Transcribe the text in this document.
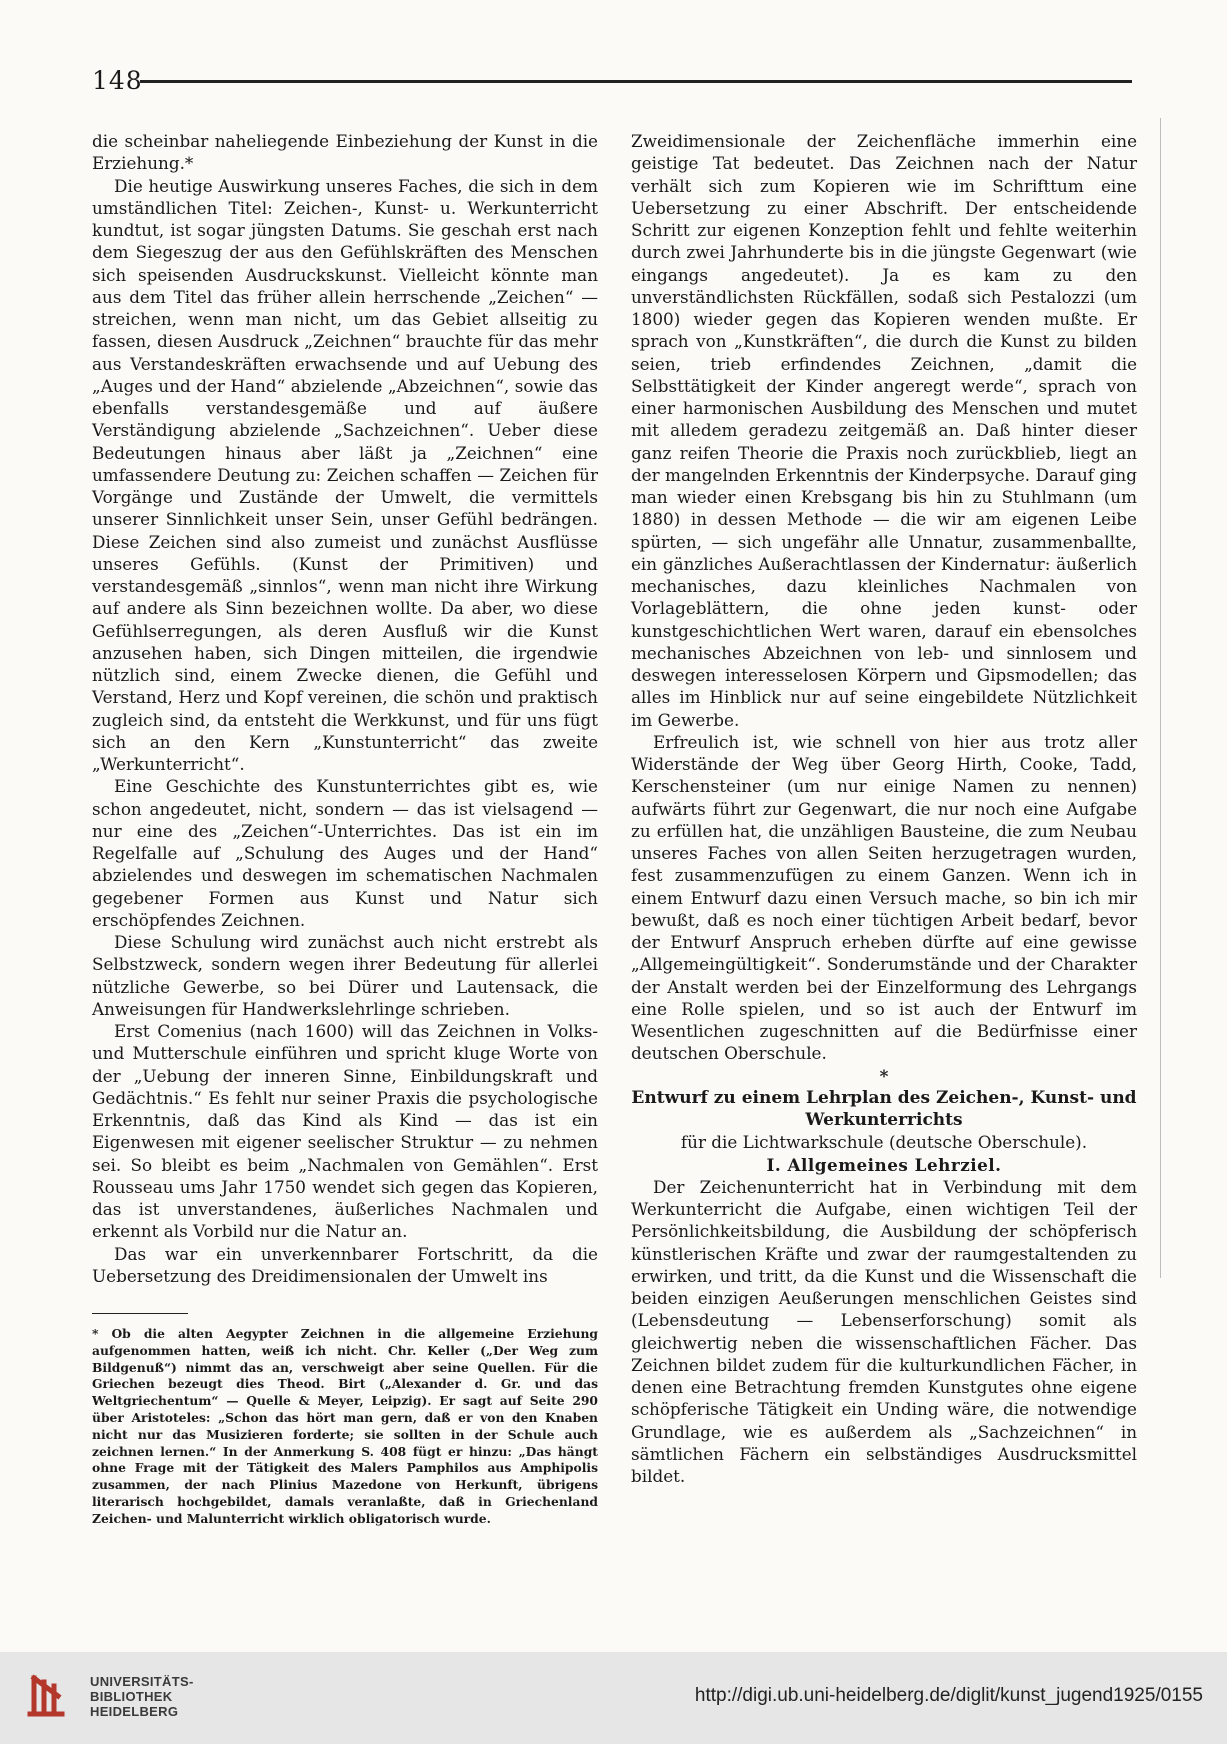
148

die scheinbar naheliegende Einbeziehung der Kunst in die Erziehung.*

Die heutige Auswirkung unseres Faches, die sich in dem umständlichen Titel: Zeichen-, Kunst- u. Werkunterricht kundtut, ist sogar jüngsten Datums. Sie geschah erst nach dem Siegeszug der aus den Gefühlskräften des Menschen sich speisenden Ausdruckskunst. Vielleicht könnte man aus dem Titel das früher allein herrschende „Zeichen“ — streichen, wenn man nicht, um das Gebiet allseitig zu fassen, diesen Ausdruck „Zeichnen“ brauchte für das mehr aus Verstandeskräften erwachsende und auf Uebung des „Auges und der Hand“ abzielende „Abzeichnen“, sowie das ebenfalls verstandesgemäße und auf äußere Verständigung abzielende „Sachzeichnen“. Ueber diese Bedeutungen hinaus aber läßt ja „Zeichnen“ eine umfassendere Deutung zu: Zeichen schaffen — Zeichen für Vorgänge und Zustände der Umwelt, die vermittels unserer Sinnlichkeit unser Sein, unser Gefühl bedrängen. Diese Zeichen sind also zumeist und zunächst Ausflüsse unseres Gefühls. (Kunst der Primitiven) und verstandesgemäß „sinnlos“, wenn man nicht ihre Wirkung auf andere als Sinn bezeichnen wollte. Da aber, wo diese Gefühlserregungen, als deren Ausfluß wir die Kunst anzusehen haben, sich Dingen mitteilen, die irgendwie nützlich sind, einem Zwecke dienen, die Gefühl und Verstand, Herz und Kopf vereinen, die schön und praktisch zugleich sind, da entsteht die Werkkunst, und für uns fügt sich an den Kern „Kunstunterricht“ das zweite „Werkunterricht“.

Eine Geschichte des Kunstunterrichtes gibt es, wie schon angedeutet, nicht, sondern — das ist vielsagend — nur eine des „Zeichen“-Unterrichtes. Das ist ein im Regelfalle auf „Schulung des Auges und der Hand“ abzielendes und deswegen im schematischen Nachmalen gegebener Formen aus Kunst und Natur sich erschöpfendes Zeichnen.

Diese Schulung wird zunächst auch nicht erstrebt als Selbstzweck, sondern wegen ihrer Bedeutung für allerlei nützliche Gewerbe, so bei Dürer und Lautensack, die Anweisungen für Handwerkslehrlinge schrieben.

Erst Comenius (nach 1600) will das Zeichnen in Volks- und Mutterschule einführen und spricht kluge Worte von der „Uebung der inneren Sinne, Einbildungskraft und Gedächtnis.“ Es fehlt nur seiner Praxis die psychologische Erkenntnis, daß das Kind als Kind — das ist ein Eigenwesen mit eigener seelischer Struktur — zu nehmen sei. So bleibt es beim „Nachmalen von Gemählen“. Erst Rousseau ums Jahr 1750 wendet sich gegen das Kopieren, das ist unverstandenes, äußerliches Nachmalen und erkennt als Vorbild nur die Natur an.

Das war ein unverkennbarer Fortschritt, da die Uebersetzung des Dreidimensionalen der Umwelt ins

* Ob die alten Aegypter Zeichnen in die allgemeine Erziehung aufgenommen hatten, weiß ich nicht. Chr. Keller („Der Weg zum Bildgenuß“) nimmt das an, verschweigt aber seine Quellen. Für die Griechen bezeugt dies Theod. Birt („Alexander d. Gr. und das Weltgriechentum“ — Quelle & Meyer, Leipzig). Er sagt auf Seite 290 über Aristoteles: „Schon das hört man gern, daß er von den Knaben nicht nur das Musizieren forderte; sie sollten in der Schule auch zeichnen lernen.“ In der Anmerkung S. 408 fügt er hinzu: „Das hängt ohne Frage mit der Tätigkeit des Malers Pamphilos aus Amphipolis zusammen, der nach Plinius Mazedone von Herkunft, übrigens literarisch hochgebildet, damals veranlaßte, daß in Griechenland Zeichen- und Malunterricht wirklich obligatorisch wurde.

Zweidimensionale der Zeichenfläche immerhin eine geistige Tat bedeutet. Das Zeichnen nach der Natur verhält sich zum Kopieren wie im Schrifttum eine Uebersetzung zu einer Abschrift. Der entscheidende Schritt zur eigenen Konzeption fehlt und fehlte weiterhin durch zwei Jahrhunderte bis in die jüngste Gegenwart (wie eingangs angedeutet). Ja es kam zu den unverständlichsten Rückfällen, sodaß sich Pestalozzi (um 1800) wieder gegen das Kopieren wenden mußte. Er sprach von „Kunstkräften“, die durch die Kunst zu bilden seien, trieb erfindendes Zeichnen, „damit die Selbsttätigkeit der Kinder angeregt werde“, sprach von einer harmonischen Ausbildung des Menschen und mutet mit alledem geradezu zeitgemäß an. Daß hinter dieser ganz reifen Theorie die Praxis noch zurückblieb, liegt an der mangelnden Erkenntnis der Kinderpsyche. Darauf ging man wieder einen Krebsgang bis hin zu Stuhlmann (um 1880) in dessen Methode — die wir am eigenen Leibe spürten, — sich ungefähr alle Unnatur, zusammenballte, ein gänzliches Außerachtlassen der Kindernatur: äußerlich mechanisches, dazu kleinliches Nachmalen von Vorlageblättern, die ohne jeden kunst- oder kunstgeschichtlichen Wert waren, darauf ein ebensolches mechanisches Abzeichnen von leb- und sinnlosem und deswegen interesselosen Körpern und Gipsmodellen; das alles im Hinblick nur auf seine eingebildete Nützlichkeit im Gewerbe.

Erfreulich ist, wie schnell von hier aus trotz aller Widerstände der Weg über Georg Hirth, Cooke, Tadd, Kerschensteiner (um nur einige Namen zu nennen) aufwärts führt zur Gegenwart, die nur noch eine Aufgabe zu erfüllen hat, die unzähligen Bausteine, die zum Neubau unseres Faches von allen Seiten herzugetragen wurden, fest zusammenzufügen zu einem Ganzen. Wenn ich in einem Entwurf dazu einen Versuch mache, so bin ich mir bewußt, daß es noch einer tüchtigen Arbeit bedarf, bevor der Entwurf Anspruch erheben dürfte auf eine gewisse „Allgemeingültigkeit“. Sonderumstände und der Charakter der Anstalt werden bei der Einzelformung des Lehrgangs eine Rolle spielen, und so ist auch der Entwurf im Wesentlichen zugeschnitten auf die Bedürfnisse einer deutschen Oberschule.

*

Entwurf zu einem Lehrplan des Zeichen-, Kunst- und Werkunterrichts

für die Lichtwarkschule (deutsche Oberschule).

I. Allgemeines Lehrziel.

Der Zeichenunterricht hat in Verbindung mit dem Werkunterricht die Aufgabe, einen wichtigen Teil der Persönlichkeitsbildung, die Ausbildung der schöpferisch künstlerischen Kräfte und zwar der raumgestaltenden zu erwirken, und tritt, da die Kunst und die Wissenschaft die beiden einzigen Aeußerungen menschlichen Geistes sind (Lebensdeutung — Lebenserforschung) somit als gleichwertig neben die wissenschaftlichen Fächer. Das Zeichnen bildet zudem für die kulturkundlichen Fächer, in denen eine Betrachtung fremden Kunstgutes ohne eigene schöpferische Tätigkeit ein Unding wäre, die notwendige Grundlage, wie es außerdem als „Sachzeichnen“ in sämtlichen Fächern ein selbständiges Ausdrucksmittel bildet.

UNIVERSITÄTS-
BIBLIOTHEK
HEIDELBERG
http://digi.ub.uni-heidelberg.de/diglit/kunst_jugend1925/0155
